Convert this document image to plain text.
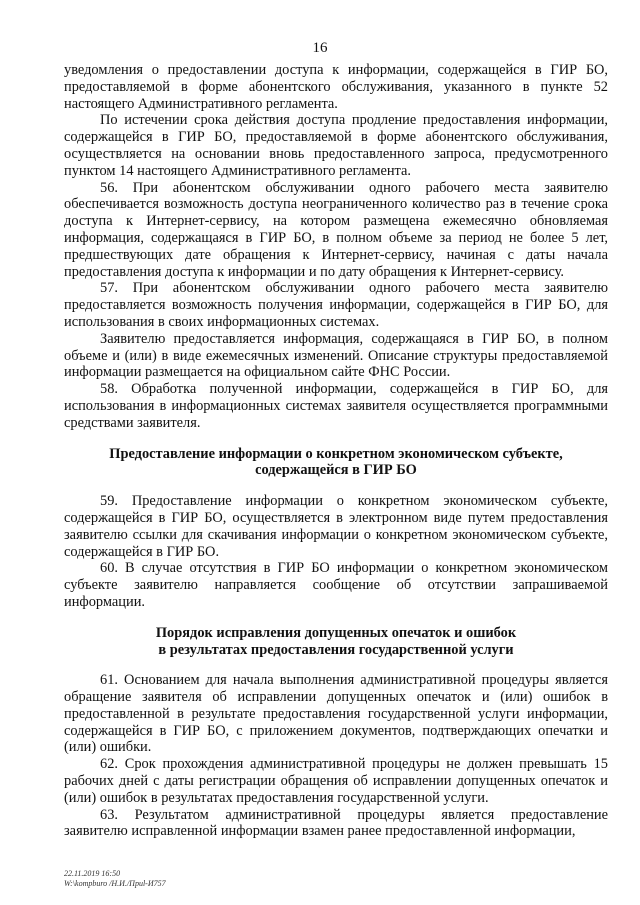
16

уведомления о предоставлении доступа к информации, содержащейся в ГИР БО, предоставляемой в форме абонентского обслуживания, указанного в пункте 52 настоящего Административного регламента.

По истечении срока действия доступа продление предоставления информации, содержащейся в ГИР БО, предоставляемой в форме абонентского обслуживания, осуществляется на основании вновь предоставленного запроса, предусмотренного пунктом 14 настоящего Административного регламента.

56. При абонентском обслуживании одного рабочего места заявителю обеспечивается возможность доступа неограниченного количество раз в течение срока доступа к Интернет-сервису, на котором размещена ежемесячно обновляемая информация, содержащаяся в ГИР БО, в полном объеме за период не более 5 лет, предшествующих дате обращения к Интернет-сервису, начиная с даты начала предоставления доступа к информации и по дату обращения к Интернет-сервису.

57. При абонентском обслуживании одного рабочего места заявителю предоставляется возможность получения информации, содержащейся в ГИР БО, для использования в своих информационных системах.

Заявителю предоставляется информация, содержащаяся в ГИР БО, в полном объеме и (или) в виде ежемесячных изменений. Описание структуры предоставляемой информации размещается на официальном сайте ФНС России.

58. Обработка полученной информации, содержащейся в ГИР БО, для использования в информационных системах заявителя осуществляется программными средствами заявителя.

Предоставление информации о конкретном экономическом субъекте,
содержащейся в ГИР БО

59. Предоставление информации о конкретном экономическом субъекте, содержащейся в ГИР БО, осуществляется в электронном виде путем предоставления заявителю ссылки для скачивания информации о конкретном экономическом субъекте, содержащейся в ГИР БО.

60. В случае отсутствия в ГИР БО информации о конкретном экономическом субъекте заявителю направляется сообщение об отсутствии запрашиваемой информации.

Порядок исправления допущенных опечаток и ошибок
в результатах предоставления государственной услуги

61. Основанием для начала выполнения административной процедуры является обращение заявителя об исправлении допущенных опечаток и (или) ошибок в предоставленной в результате предоставления государственной услуги информации, содержащейся в ГИР БО, с приложением документов, подтверждающих опечатки и (или) ошибки.

62. Срок прохождения административной процедуры не должен превышать 15 рабочих дней с даты регистрации обращения об исправлении допущенных опечаток и (или) ошибок в результатах предоставления государственной услуги.

63. Результатом административной процедуры является предоставление заявителю исправленной информации взамен ранее предоставленной информации,

22.11.2019 16:50
W:\kompburo /Н.И./Приl-И757
